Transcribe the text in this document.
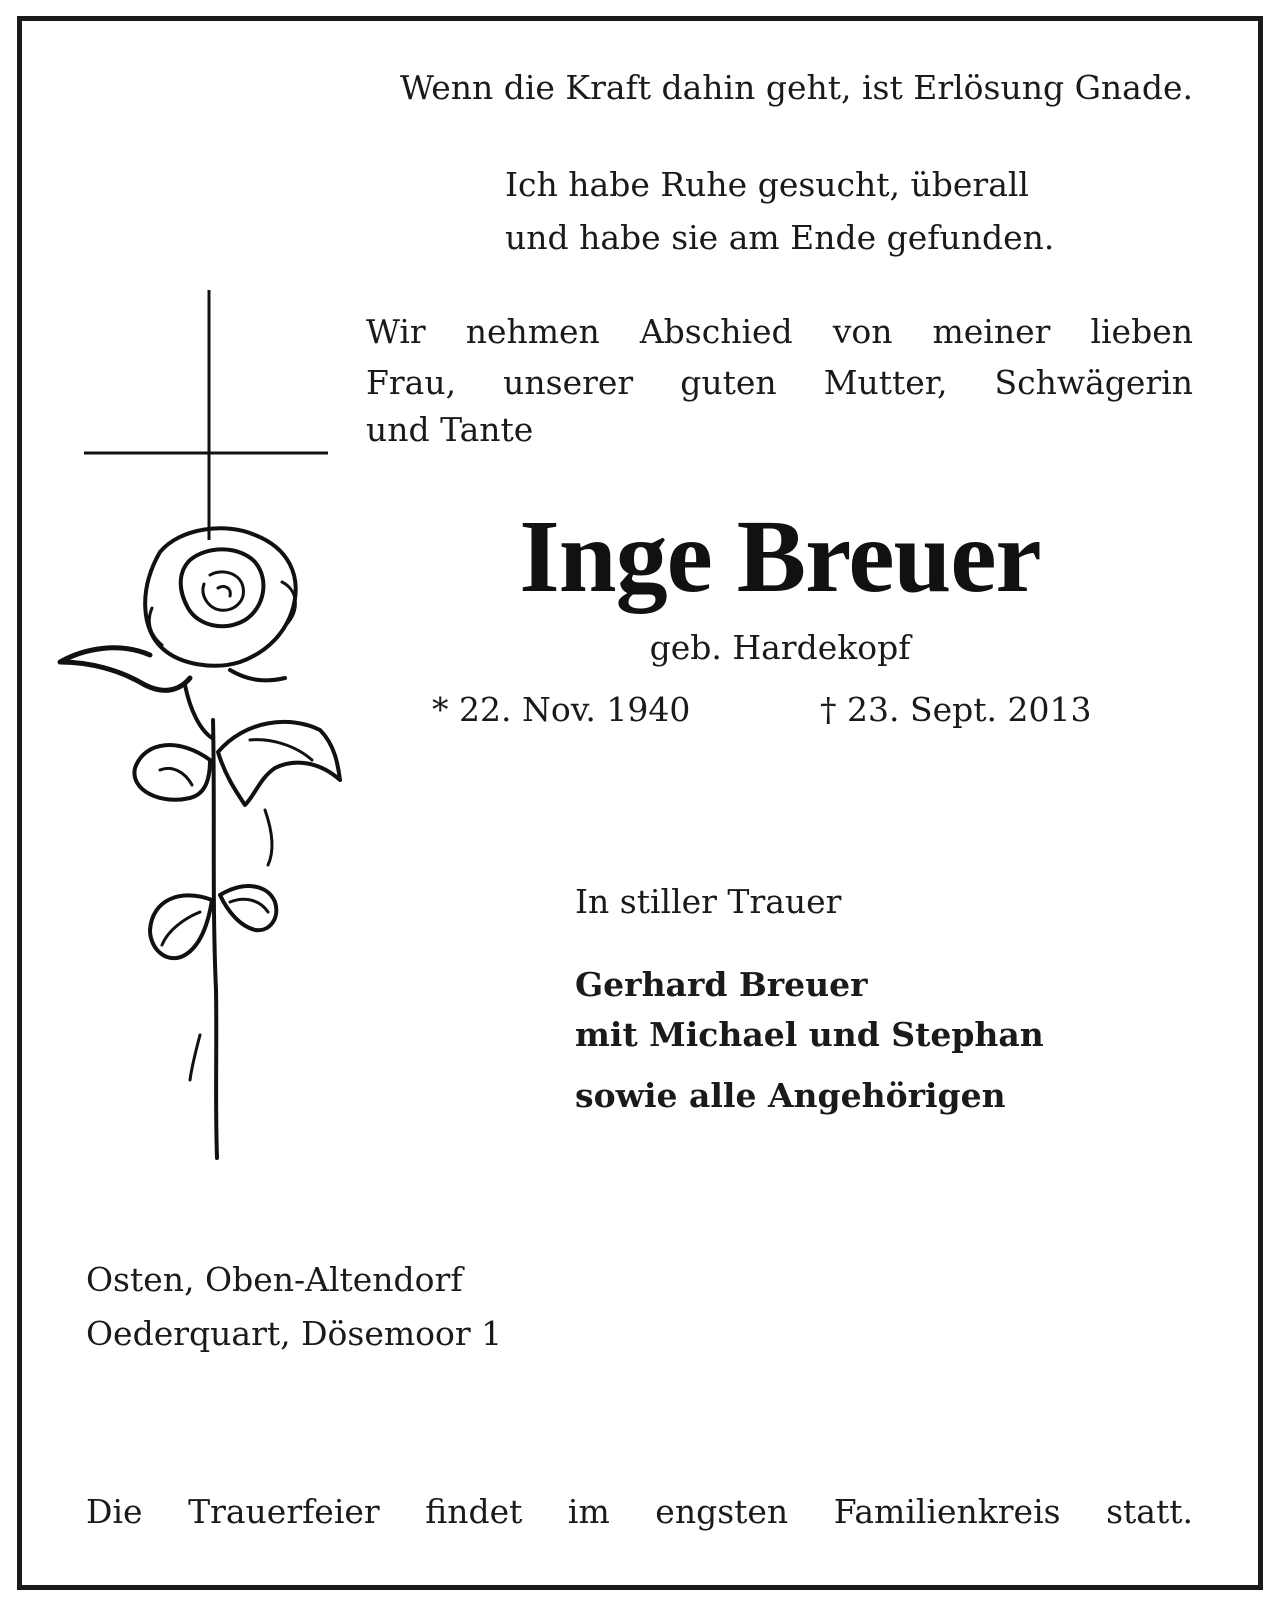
Wenn die Kraft dahin geht, ist Erlösung Gnade.
Ich habe Ruhe gesucht, überall
und habe sie am Ende gefunden.
Wir nehmen Abschied von meiner lieben
Frau, unserer guten Mutter, Schwägerin
und Tante
Inge Breuer
geb. Hardekopf
* 22. Nov. 1940	† 23. Sept. 2013
In stiller Trauer
Gerhard Breuer
mit Michael und Stephan
sowie alle Angehörigen
Osten, Oben-Altendorf
Oederquart, Dösemoor 1
Die Trauerfeier findet im engsten Familienkreis statt.
